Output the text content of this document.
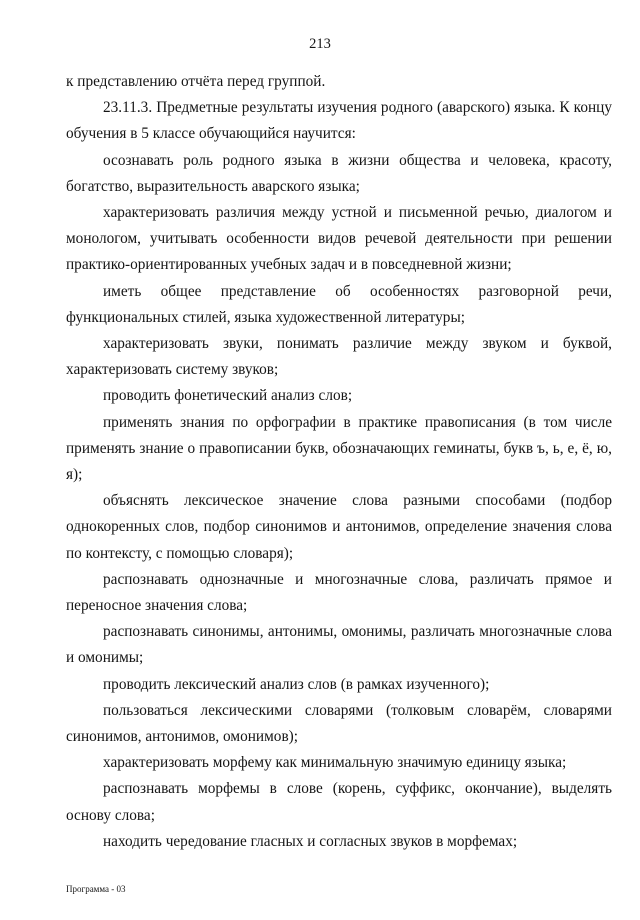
213

к представлению отчёта перед группой.

23.11.3. Предметные результаты изучения родного (аварского) языка. К концу обучения в 5 классе обучающийся научится:

осознавать роль родного языка в жизни общества и человека, красоту, богатство, выразительность аварского языка;

характеризовать различия между устной и письменной речью, диалогом и монологом, учитывать особенности видов речевой деятельности при решении практико-ориентированных учебных задач и в повседневной жизни;

иметь общее представление об особенностях разговорной речи, функциональных стилей, языка художественной литературы;

характеризовать звуки, понимать различие между звуком и буквой, характеризовать систему звуков;

проводить фонетический анализ слов;

применять знания по орфографии в практике правописания (в том числе применять знание о правописании букв, обозначающих геминаты, букв ъ, ь, е, ё, ю, я);

объяснять лексическое значение слова разными способами (подбор однокоренных слов, подбор синонимов и антонимов, определение значения слова по контексту, с помощью словаря);

распознавать однозначные и многозначные слова, различать прямое и переносное значения слова;

распознавать синонимы, антонимы, омонимы, различать многозначные слова и омонимы;

проводить лексический анализ слов (в рамках изученного);

пользоваться лексическими словарями (толковым словарём, словарями синонимов, антонимов, омонимов);

характеризовать морфему как минимальную значимую единицу языка;

распознавать морфемы в слове (корень, суффикс, окончание), выделять основу слова;

находить чередование гласных и согласных звуков в морфемах;

Программа - 03
